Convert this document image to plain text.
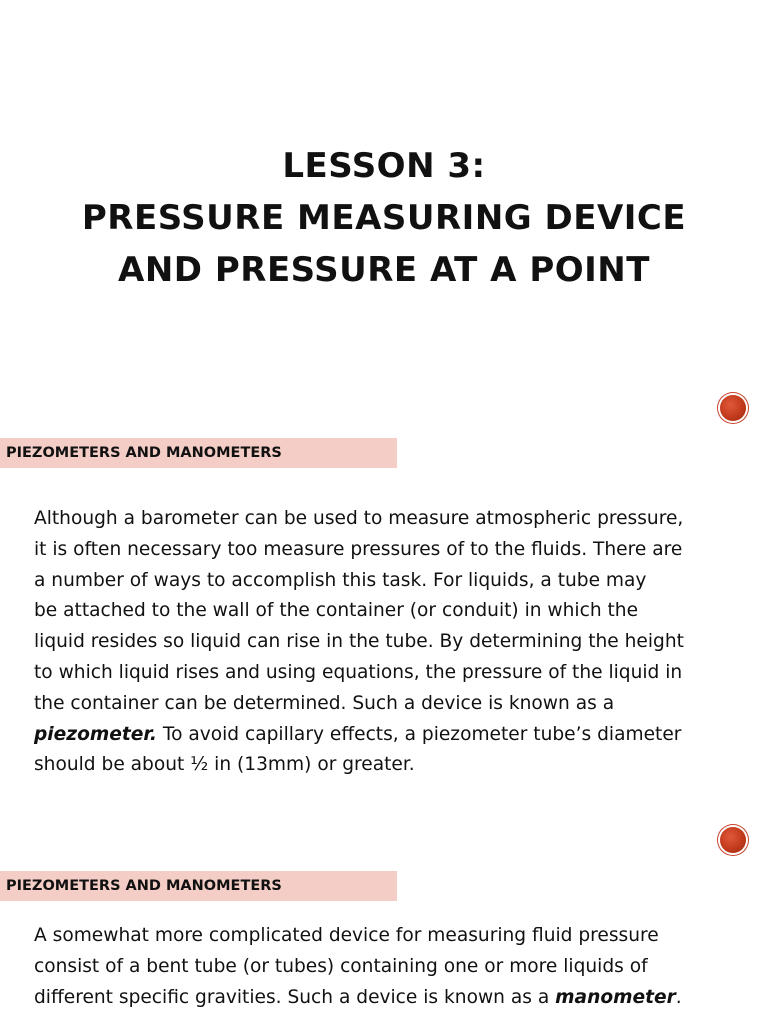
LESSON 3:
PRESSURE MEASURING DEVICE
AND PRESSURE AT A POINT
PIEZOMETERS AND MANOMETERS
Although a barometer can be used to measure atmospheric pressure,
it is often necessary too measure pressures of to the fluids. There are
a number of ways to accomplish this task. For liquids, a tube may
be attached to the wall of the container (or conduit) in which the
liquid resides so liquid can rise in the tube. By determining the height
to which liquid rises and using equations, the pressure of the liquid in
the container can be determined. Such a device is known as a
piezometer. To avoid capillary effects, a piezometer tube’s diameter
should be about ½ in (13mm) or greater.
PIEZOMETERS AND MANOMETERS
A somewhat more complicated device for measuring fluid pressure
consist of a bent tube (or tubes) containing one or more liquids of
different specific gravities. Such a device is known as a manometer.
